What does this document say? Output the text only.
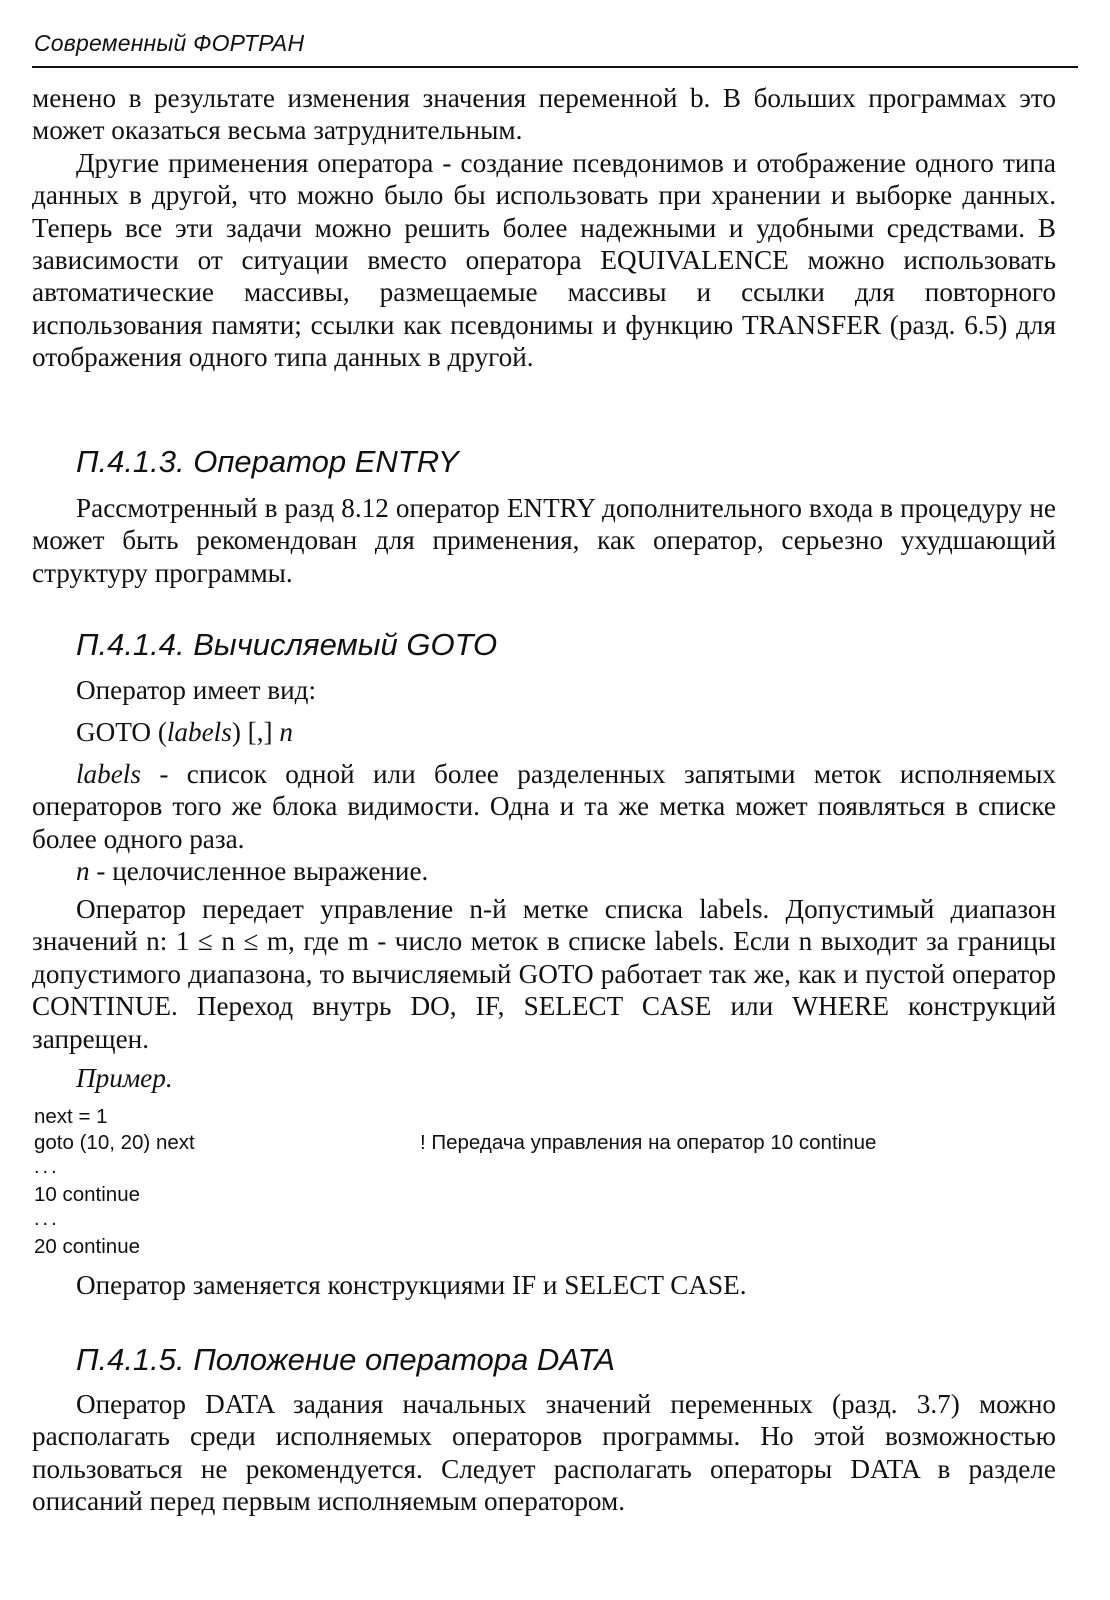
Современный ФОРТРАН

менено в результате изменения значения переменной b. В больших программах это может оказаться весьма затруднительным.

Другие применения оператора - создание псевдонимов и отображение одного типа данных в другой, что можно было бы использовать при хранении и выборке данных. Теперь все эти задачи можно решить более надежными и удобными средствами. В зависимости от ситуации вместо оператора EQUIVALENCE можно использовать автоматические массивы, размещаемые массивы и ссылки для повторного использования памяти; ссылки как псевдонимы и функцию TRANSFER (разд. 6.5) для отображения одного типа данных в другой.

П.4.1.3. Оператор ENTRY

Рассмотренный в разд 8.12 оператор ENTRY дополнительного входа в процедуру не может быть рекомендован для применения, как оператор, серьезно ухудшающий структуру программы.

П.4.1.4. Вычисляемый GOTO
Оператор имеет вид:
GOTO (labels) [,] n

labels - список одной или более разделенных запятыми меток исполняемых операторов того же блока видимости. Одна и та же метка может появляться в списке более одного раза.

n - целочисленное выражение.

Оператор передает управление n-й метке списка labels. Допустимый диапазон значений n: 1 ≤ n ≤ m, где m - число меток в списке labels. Если n выходит за границы допустимого диапазона, то вычисляемый GOTO работает так же, как и пустой оператор CONTINUE. Переход внутрь DO, IF, SELECT CASE или WHERE конструкций запрещен.

Пример.
next = 1
goto (10, 20) next	! Передача управления на оператор 10 continue
...
10 continue
...
20 continue
Оператор заменяется конструкциями IF и SELECT CASE.
П.4.1.5. Положение оператора DATA

Оператор DATA задания начальных значений переменных (разд. 3.7) можно располагать среди исполняемых операторов программы. Но этой возможностью пользоваться не рекомендуется. Следует располагать операторы DATA в разделе описаний перед первым исполняемым оператором.
